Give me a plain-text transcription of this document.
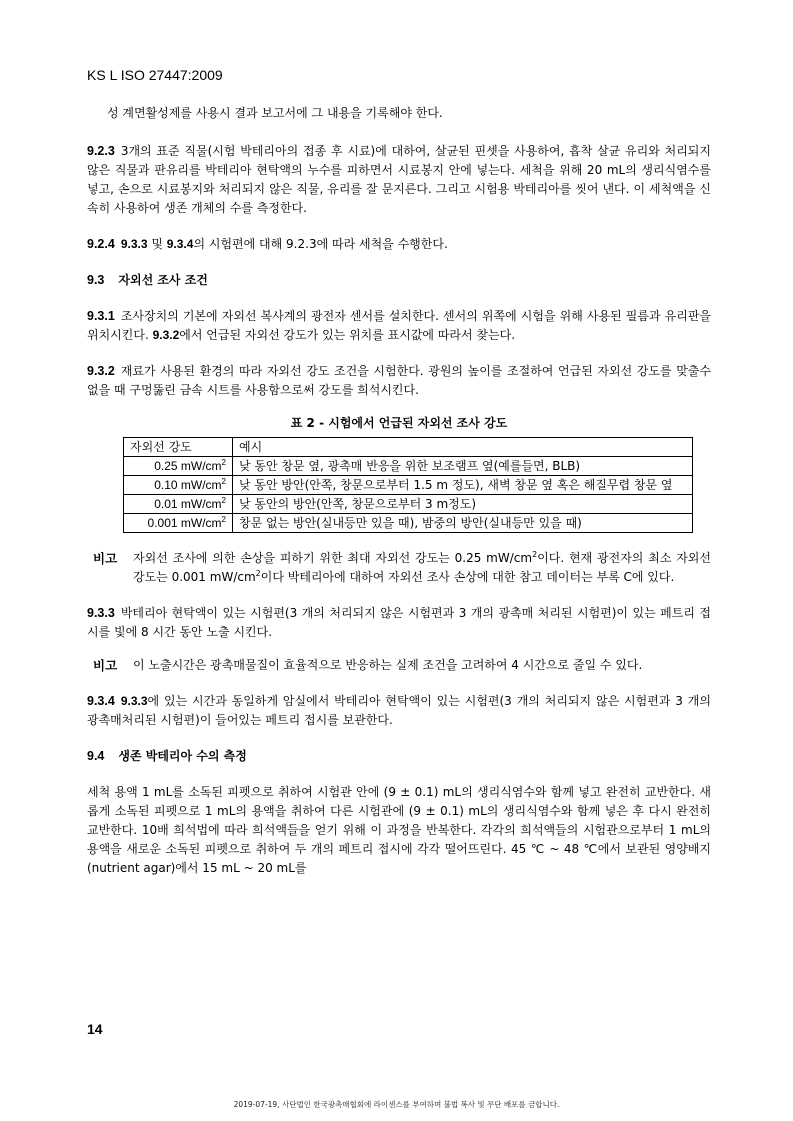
KS L ISO 27447:2009

성 계면활성제를 사용시 결과 보고서에 그 내용을 기록해야 한다.

9.2.3 3개의 표준 직물(시험 박테리아의 접종 후 시료)에 대하여, 살균된 핀셋을 사용하여, 흡착 살균 유리와 처리되지 않은 직물과 판유리를 박테리아 현탁액의 누수를 피하면서 시료봉지 안에 넣는다. 세척을 위해 20 mL의 생리식염수를 넣고, 손으로 시료봉지와 처리되지 않은 직물, 유리를 잘 문지른다. 그리고 시험용 박테리아를 씻어 낸다. 이 세척액을 신속히 사용하여 생존 개체의 수를 측정한다.

9.2.4 9.3.3 및 9.3.4의 시험편에 대해 9.2.3에 따라 세척을 수행한다.

9.3 자외선 조사 조건

9.3.1 조사장치의 기본에 자외선 복사계의 광전자 센서를 설치한다. 센서의 위쪽에 시험을 위해 사용된 필름과 유리판을 위치시킨다. 9.3.2에서 언급된 자외선 강도가 있는 위치를 표시값에 따라서 찾는다.

9.3.2 재료가 사용된 환경의 따라 자외선 강도 조건을 시험한다. 광원의 높이를 조절하여 언급된 자외선 강도를 맞출수 없을 때 구멍뚫린 금속 시트를 사용함으로써 강도를 희석시킨다.

표 2 - 시험에서 언급된 자외선 조사 강도
자외선 강도	예시
0.25 $mW/cm^2$	낮 동안 창문 옆, 광촉매 반응을 위한 보조램프 옆(예를들면, BLB)
0.10 $mW/cm^2$	낮 동안 방안(안쪽, 창문으로부터 1.5 m 정도), 새벽 창문 옆 혹은 해질무렵 창문 옆
0.01 $mW/cm^2$	낮 동안의 방안(안쪽, 창문으로부터 3 m정도)
0.001 $mW/cm^2$	창문 없는 방안(실내등만 있을 때), 밤중의 방안(실내등만 있을 때)
비고	자외선 조사에 의한 손상을 피하기 위한 최대 자외선 강도는 0.25 $mW/cm^2$이다. 현재 광전자의 최소 자외선 강도는 0.001 $mW/cm^2$이다 박테리아에 대하여 자외선 조사 손상에 대한 참고 데이터는 부록 C에 있다.

9.3.3 박테리아 현탁액이 있는 시험편(3 개의 처리되지 않은 시험편과 3 개의 광촉매 처리된 시험편)이 있는 페트리 접시를 빛에 8 시간 동안 노출 시킨다.

비고	이 노출시간은 광촉매물질이 효율적으로 반응하는 실제 조건을 고려하여 4 시간으로 줄일 수 있다.

9.3.4 9.3.3에 있는 시간과 동일하게 암실에서 박테리아 현탁액이 있는 시험편(3 개의 처리되지 않은 시험편과 3 개의 광촉매처리된 시험편)이 들어있는 페트리 접시를 보관한다.

9.4 생존 박테리아 수의 측정

세척 용액 1 mL를 소독된 피펫으로 취하여 시험관 안에 (9 ± 0.1) mL의 생리식염수와 함께 넣고 완전히 교반한다. 새롭게 소독된 피펫으로 1 mL의 용액을 취하여 다른 시험관에 (9 ± 0.1) mL의 생리식염수와 함께 넣은 후 다시 완전히 교반한다. 10배 희석법에 따라 희석액들을 얻기 위해 이 과정을 반복한다. 각각의 희석액들의 시험관으로부터 1 mL의 용액을 새로운 소독된 피펫으로 취하여 두 개의 페트리 접시에 각각 떨어뜨린다. 45 ℃ ~ 48 ℃에서 보관된 영양배지(nutrient agar)에서 15 mL ~ 20 mL를

14
2019-07-19, 사단법인 한국광촉매협회에 라이센스를 부여하며 불법 복사 및 무단 배포를 금합니다.
